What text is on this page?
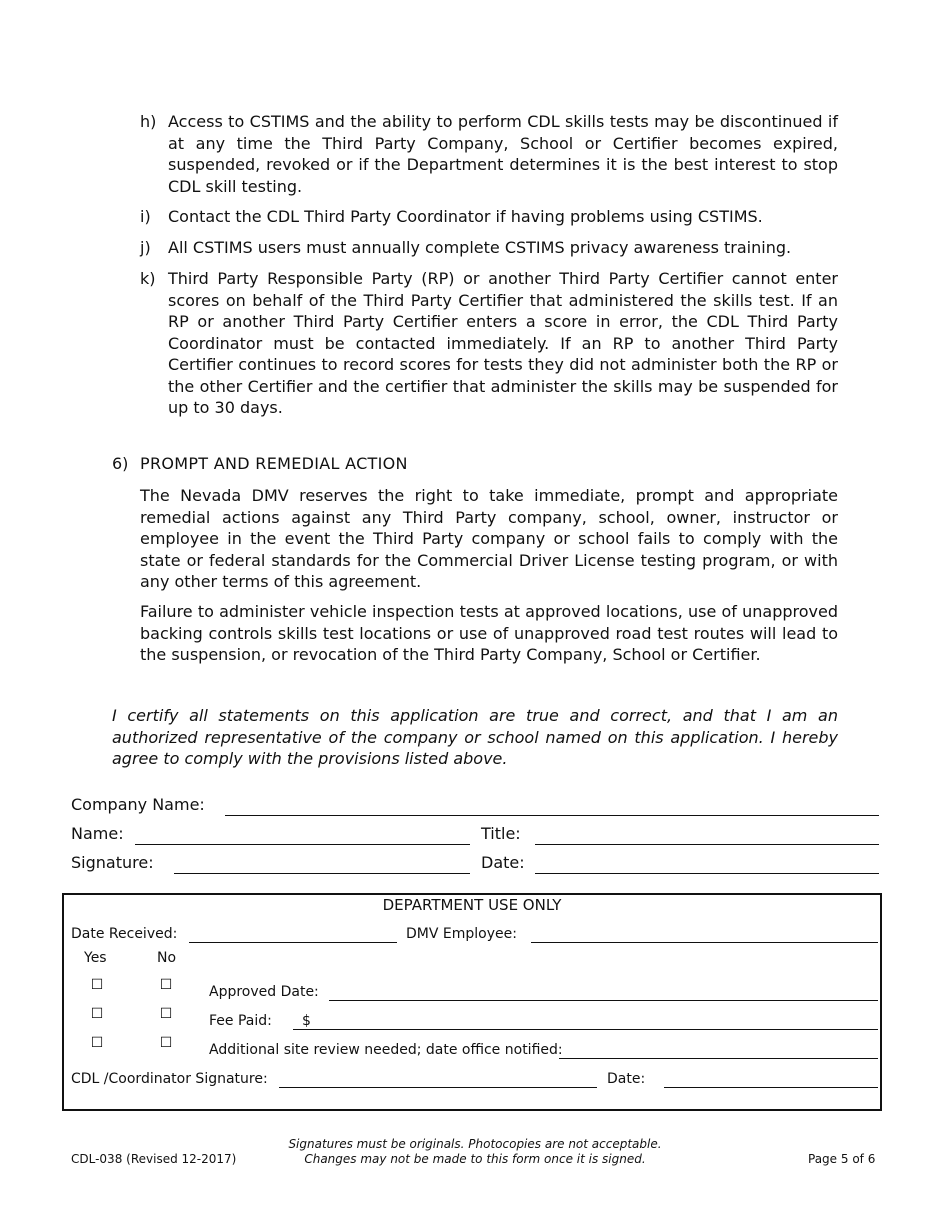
h) Access to CSTIMS and the ability to perform CDL skills tests may be discontinued if at any time the Third Party Company, School or Certifier becomes expired, suspended, revoked or if the Department determines it is the best interest to stop CDL skill testing.
i) Contact the CDL Third Party Coordinator if having problems using CSTIMS.
j) All CSTIMS users must annually complete CSTIMS privacy awareness training.
k) Third Party Responsible Party (RP) or another Third Party Certifier cannot enter scores on behalf of the Third Party Certifier that administered the skills test. If an RP or another Third Party Certifier enters a score in error, the CDL Third Party Coordinator must be contacted immediately. If an RP to another Third Party Certifier continues to record scores for tests they did not administer both the RP or the other Certifier and the certifier that administer the skills may be suspended for up to 30 days.
6) PROMPT AND REMEDIAL ACTION
The Nevada DMV reserves the right to take immediate, prompt and appropriate remedial actions against any Third Party company, school, owner, instructor or employee in the event the Third Party company or school fails to comply with the state or federal standards for the Commercial Driver License testing program, or with any other terms of this agreement.
Failure to administer vehicle inspection tests at approved locations, use of unapproved backing controls skills test locations or use of unapproved road test routes will lead to the suspension, or revocation of the Third Party Company, School or Certifier.
I certify all statements on this application are true and correct, and that I am an authorized representative of the company or school named on this application. I hereby agree to comply with the provisions listed above.
Company Name:
Name:	Title:
Signature:	Date:
DEPARTMENT USE ONLY
Date Received:	DMV Employee:
Yes	No
☐	☐	Approved Date:
☐	☐	Fee Paid: $
☐	☐	Additional site review needed; date office notified:
CDL /Coordinator Signature:	Date:
CDL-038 (Revised 12-2017)
Signatures must be originals. Photocopies are not acceptable.
Changes may not be made to this form once it is signed.	Page 5 of 6
